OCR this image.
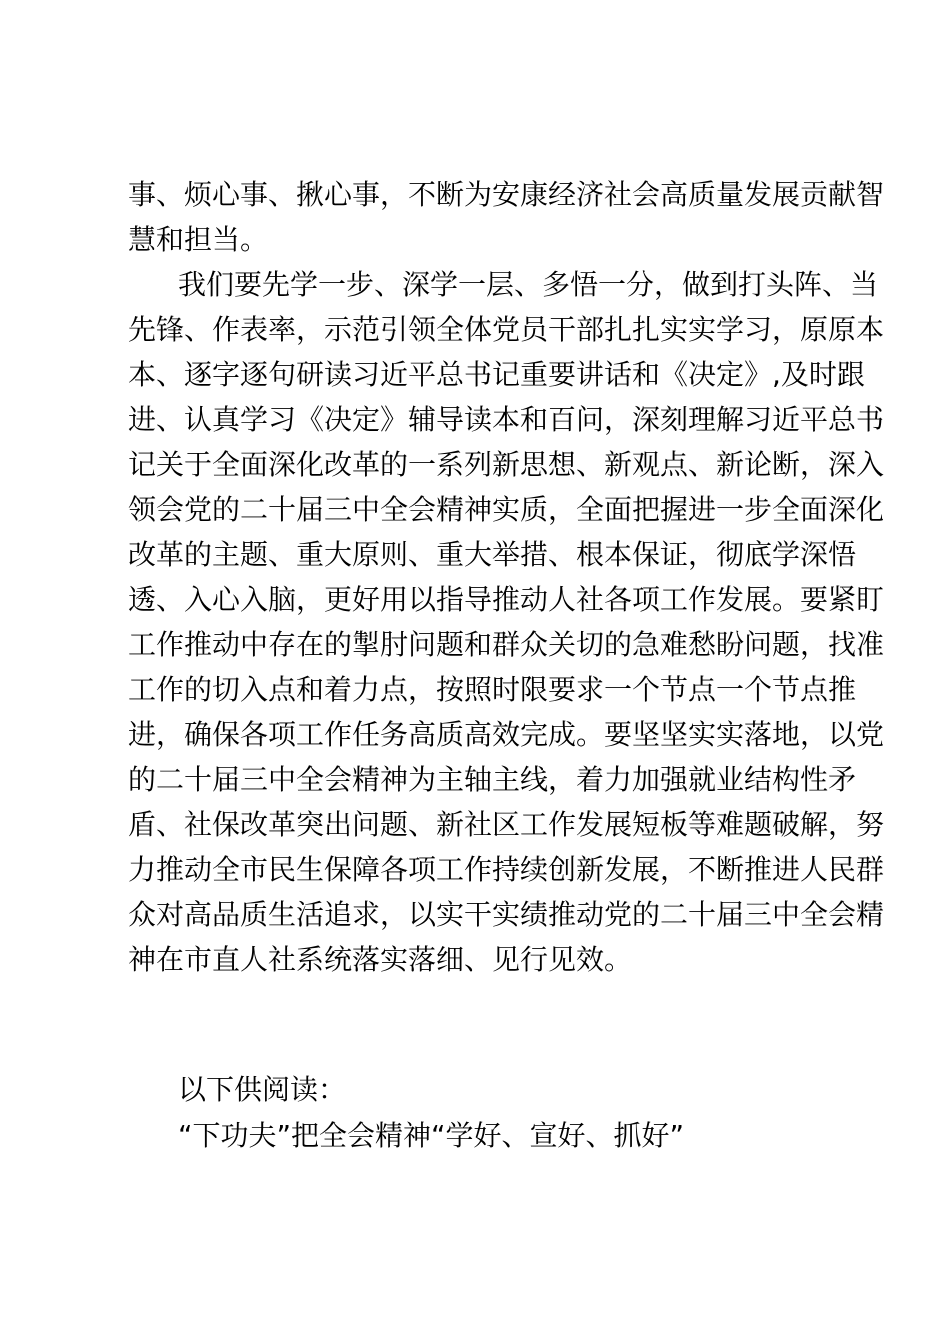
事、烦心事、揪心事，不断为安康经济社会高质量发展贡献智
慧和担当。
我们要先学一步、深学一层、多悟一分，做到打头阵、当
先锋、作表率，示范引领全体党员干部扎扎实实学习，原原本
本、逐字逐句研读习近平总书记重要讲话和《决定》,及时跟
进、认真学习《决定》辅导读本和百问，深刻理解习近平总书
记关于全面深化改革的一系列新思想、新观点、新论断，深入
领会党的二十届三中全会精神实质，全面把握进一步全面深化
改革的主题、重大原则、重大举措、根本保证，彻底学深悟
透、入心入脑，更好用以指导推动人社各项工作发展。要紧盯
工作推动中存在的掣肘问题和群众关切的急难愁盼问题，找准
工作的切入点和着力点，按照时限要求一个节点一个节点推
进，确保各项工作任务高质高效完成。要坚坚实实落地，以党
的二十届三中全会精神为主轴主线，着力加强就业结构性矛
盾、社保改革突出问题、新社区工作发展短板等难题破解，努
力推动全市民生保障各项工作持续创新发展，不断推进人民群
众对高品质生活追求，以实干实绩推动党的二十届三中全会精
神在市直人社系统落实落细、见行见效。
以下供阅读：
“下功夫”把全会精神“学好、宣好、抓好”
